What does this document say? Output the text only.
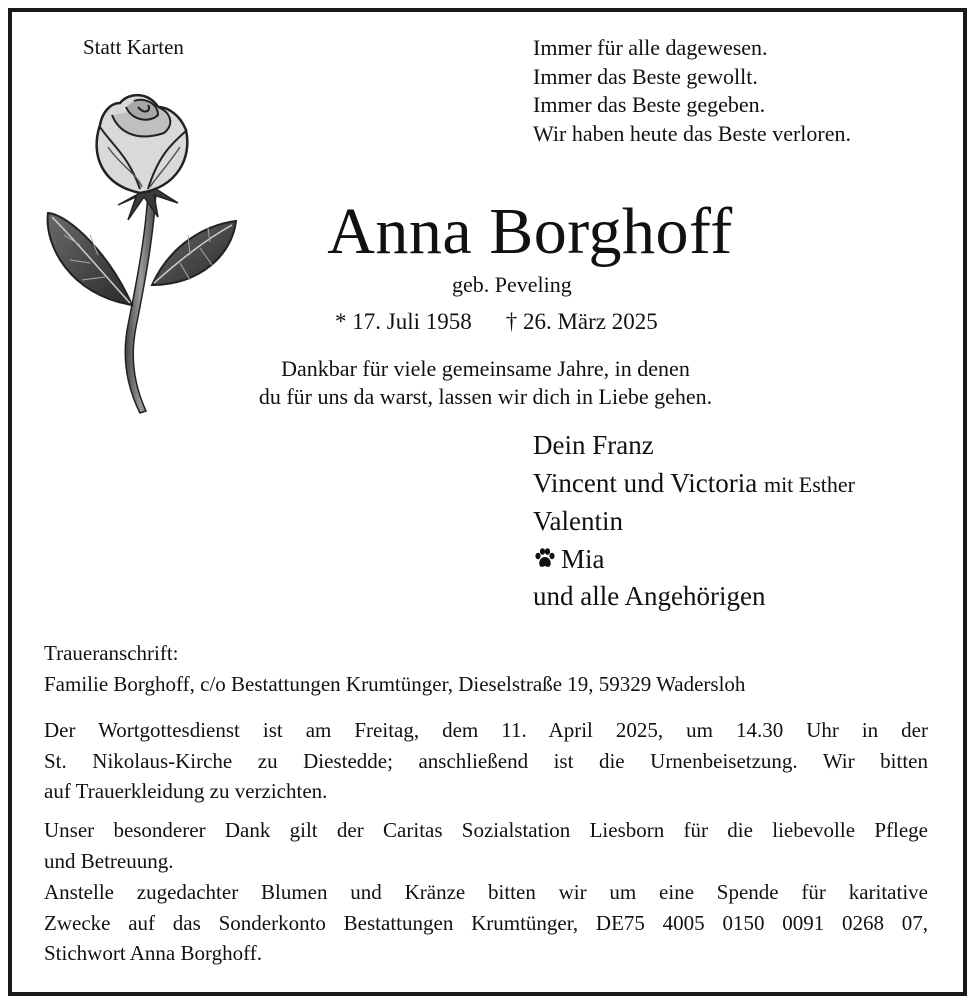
Statt Karten	Immer für alle dagewesen.
Immer das Beste gewollt.
Immer das Beste gegeben.
Wir haben heute das Beste verloren.
Anna Borghoff
geb. Peveling
* 17. Juli 1958 † 26. März 2025
Dankbar für viele gemeinsame Jahre, in denen
du für uns da warst, lassen wir dich in Liebe gehen.
Dein Franz
Vincent und Victoria mit Esther
Valentin
Mia
und alle Angehörigen
Traueranschrift:
Familie Borghoff, c/o Bestattungen Krumtünger, Dieselstraße 19, 59329 Wadersloh
Der Wortgottesdienst ist am Freitag, dem 11. April 2025, um 14.30 Uhr in der
St. Nikolaus-Kirche zu Diestedde; anschließend ist die Urnenbeisetzung. Wir bitten
auf Trauerkleidung zu verzichten.
Unser besonderer Dank gilt der Caritas Sozialstation Liesborn für die liebevolle Pflege
und Betreuung.
Anstelle zugedachter Blumen und Kränze bitten wir um eine Spende für karitative
Zwecke auf das Sonderkonto Bestattungen Krumtünger, DE75 4005 0150 0091 0268 07,
Stichwort Anna Borghoff.
